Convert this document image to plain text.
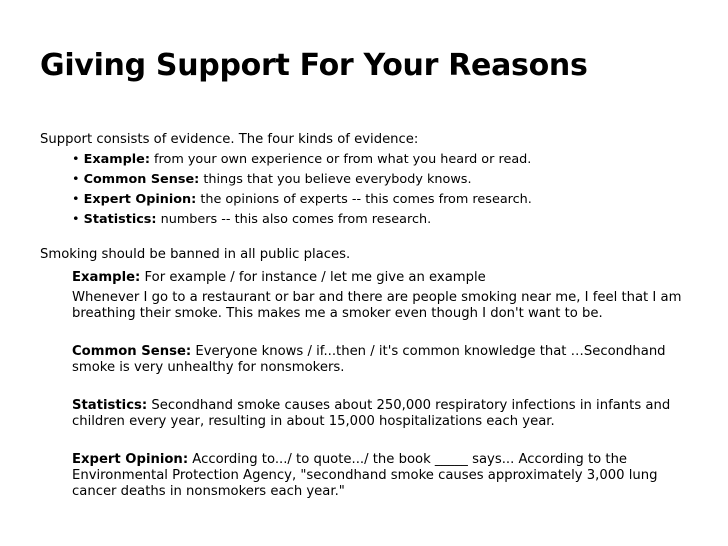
Giving Support For Your Reasons
Support consists of evidence. The four kinds of evidence:
• Example: from your own experience or from what you heard or read.
• Common Sense: things that you believe everybody knows.
• Expert Opinion: the opinions of experts -- this comes from research.
• Statistics: numbers -- this also comes from research.
Smoking should be banned in all public places.
Example: For example / for instance / let me give an example
Whenever I go to a restaurant or bar and there are people smoking near me, I feel that I am breathing their smoke. This makes me a smoker even though I don't want to be.
Common Sense: Everyone knows / if...then / it's common knowledge that …Secondhand smoke is very unhealthy for nonsmokers.
Statistics: Secondhand smoke causes about 250,000 respiratory infections in infants and children every year, resulting in about 15,000 hospitalizations each year.
Expert Opinion: According to.../ to quote.../ the book _____ says... According to the Environmental Protection Agency, "secondhand smoke causes approximately 3,000 lung cancer deaths in nonsmokers each year."
